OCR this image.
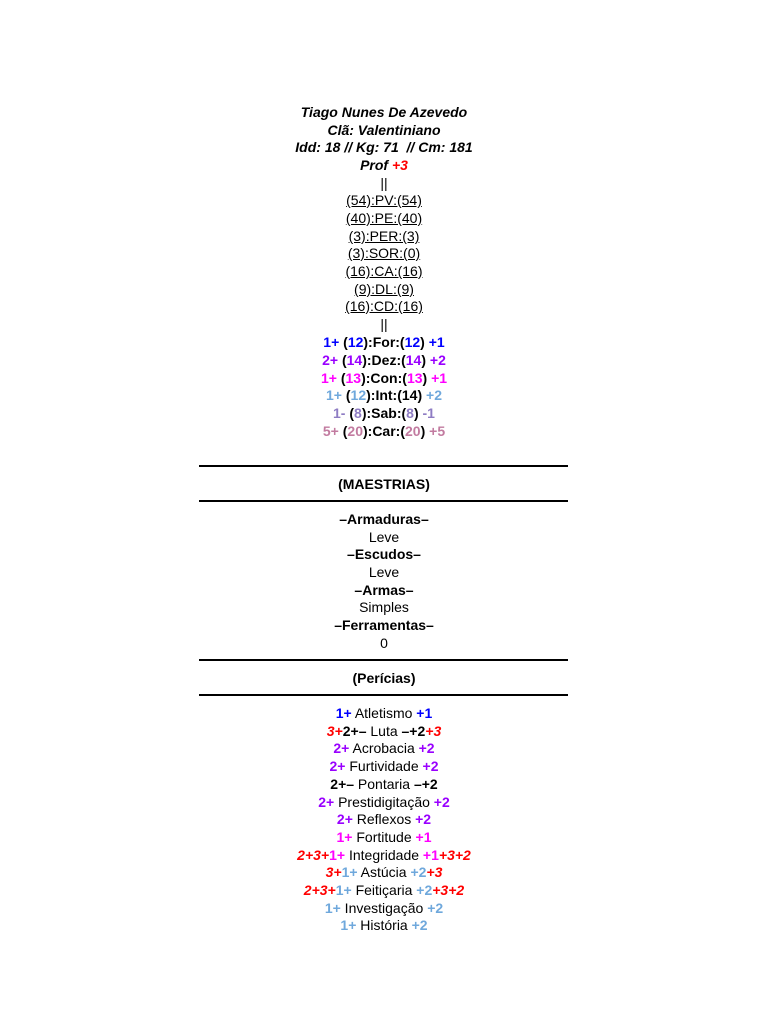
Tiago Nunes De Azevedo
Clã: Valentiniano
Idd: 18 // Kg: 71  // Cm: 181
Prof +3
||
(54):PV:(54)
(40):PE:(40)
(3):PER:(3)
(3):SOR:(0)
(16):CA:(16)
(9):DL:(9)
(16):CD:(16)
||
1+ (12):For:(12) +1
2+ (14):Dez:(14) +2
1+ (13):Con:(13) +1
1+ (12):Int:(14) +2
1- (8):Sab:(8) -1
5+ (20):Car:(20) +5
(MAESTRIAS)
–Armaduras–
Leve
–Escudos–
Leve
–Armas–
Simples
–Ferramentas–
0
(Perícias)
1+ Atletismo +1
3+2+– Luta –+2+3
2+ Acrobacia +2
2+ Furtividade +2
2+– Pontaria –+2
2+ Prestidigitação +2
2+ Reflexos +2
1+ Fortitude +1
2+3+1+ Integridade +1+3+2
3+1+ Astúcia +2+3
2+3+1+ Feitiçaria +2+3+2
1+ Investigação +2
1+ História +2
